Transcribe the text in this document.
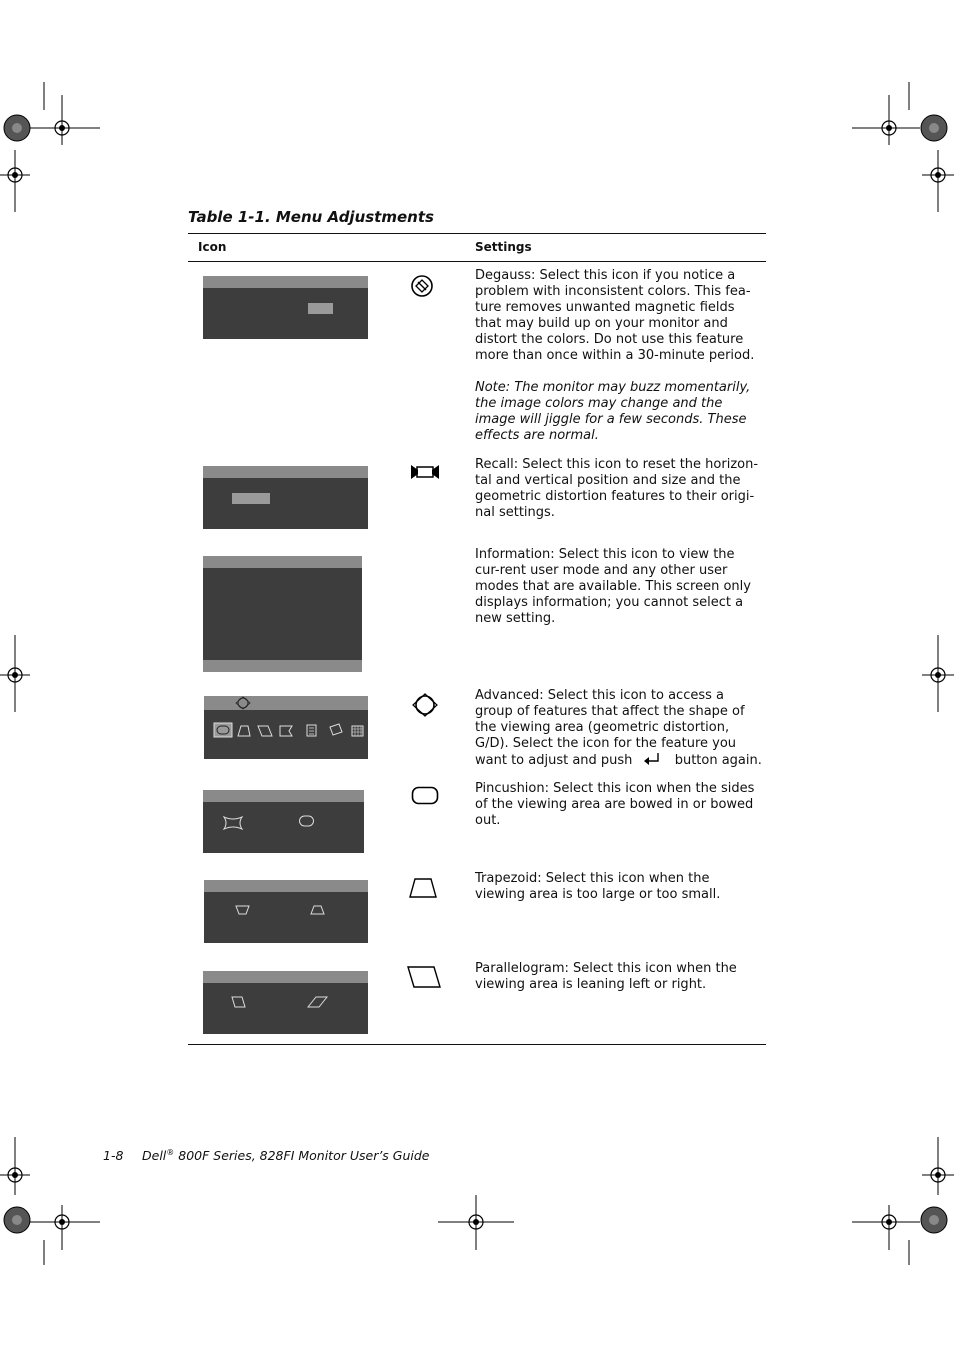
Table 1-1. Menu Adjustments
Icon	Settings

Degauss: Select this icon if you notice a problem with inconsistent colors. This fea-ture removes unwanted magnetic fields that may build up on your monitor and distort the colors. Do not use this feature more than once within a 30-minute period.

Note: The monitor may buzz momentarily, the image colors may change and the image will jiggle for a few seconds. These effects are normal.

Recall: Select this icon to reset the horizon-tal and vertical position and size and the geometric distortion features to their origi-nal settings.
Information: Select this icon to view the cur-rent user mode and any other user modes that are available. This screen only displays information; you cannot select a new setting.
Advanced: Select this icon to access a group of features that affect the shape of the viewing area (geometric distortion, G/D). Select the icon for the feature you want to adjust and push	button again.
Pincushion: Select this icon when the sides of the viewing area are bowed in or bowed out.
Trapezoid: Select this icon when the viewing area is too large or too small.
Parallelogram: Select this icon when the viewing area is leaning left or right.
1-8 Dell® 800F Series, 828FI Monitor User’s Guide
